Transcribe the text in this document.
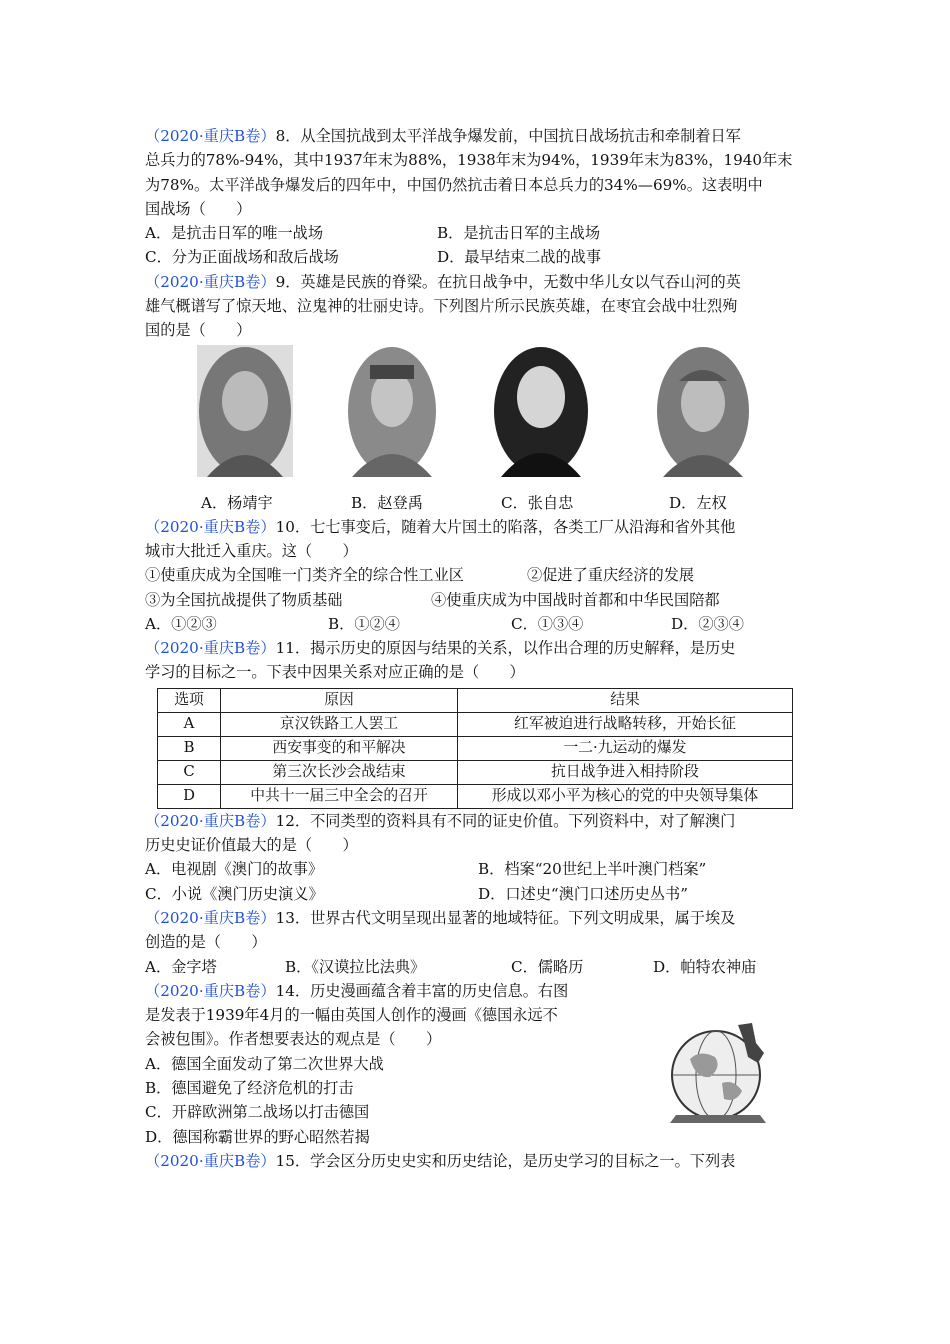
（2020·重庆B卷）8．从全国抗战到太平洋战争爆发前，中国抗日战场抗击和牵制着日军

总兵力的78%-94%，其中1937年末为88%，1938年末为94%，1939年末为83%，1940年末

为78%。太平洋战争爆发后的四年中，中国仍然抗击着日本总兵力的34%—69%。这表明中

国战场（　　）

A．是抗击日军的唯一战场	B．是抗击日军的主战场
C．分为正面战场和敌后战场	D．最早结束二战的战事

（2020·重庆B卷）9．英雄是民族的脊梁。在抗日战争中，无数中华儿女以气吞山河的英

雄气概谱写了惊天地、泣鬼神的壮丽史诗。下列图片所示民族英雄，在枣宜会战中壮烈殉

国的是（　　）

A．杨靖宇	B．赵登禹	C．张自忠	D．左权

（2020·重庆B卷）10．七七事变后，随着大片国土的陷落，各类工厂从沿海和省外其他

城市大批迁入重庆。这（　　）

①使重庆成为全国唯一门类齐全的综合性工业区	②促进了重庆经济的发展
③为全国抗战提供了物质基础	④使重庆成为中国战时首都和中华民国陪都
A．①②③	B．①②④	C．①③④	D．②③④

（2020·重庆B卷）11．揭示历史的原因与结果的关系，以作出合理的历史解释，是历史

学习的目标之一。下表中因果关系对应正确的是（　　）

选项	原因	结果
A	京汉铁路工人罢工	红军被迫进行战略转移，开始长征
B	西安事变的和平解决	一二·九运动的爆发
C	第三次长沙会战结束	抗日战争进入相持阶段
D	中共十一届三中全会的召开	形成以邓小平为核心的党的中央领导集体

（2020·重庆B卷）12．不同类型的资料具有不同的证史价值。下列资料中，对了解澳门

历史史证价值最大的是（　　）

A．电视剧《澳门的故事》	B．档案“20世纪上半叶澳门档案”
C．小说《澳门历史演义》	D．口述史“澳门口述历史丛书”

（2020·重庆B卷）13．世界古代文明呈现出显著的地域特征。下列文明成果，属于埃及

创造的是（　　）

A．金字塔	B．《汉谟拉比法典》	C．儒略历	D．帕特农神庙

（2020·重庆B卷）14．历史漫画蕴含着丰富的历史信息。右图

是发表于1939年4月的一幅由英国人创作的漫画《德国永远不

会被包围》。作者想要表达的观点是（　　）

A．德国全面发动了第二次世界大战

B．德国避免了经济危机的打击

C．开辟欧洲第二战场以打击德国

D．德国称霸世界的野心昭然若揭

（2020·重庆B卷）15．学会区分历史史实和历史结论，是历史学习的目标之一。下列表
